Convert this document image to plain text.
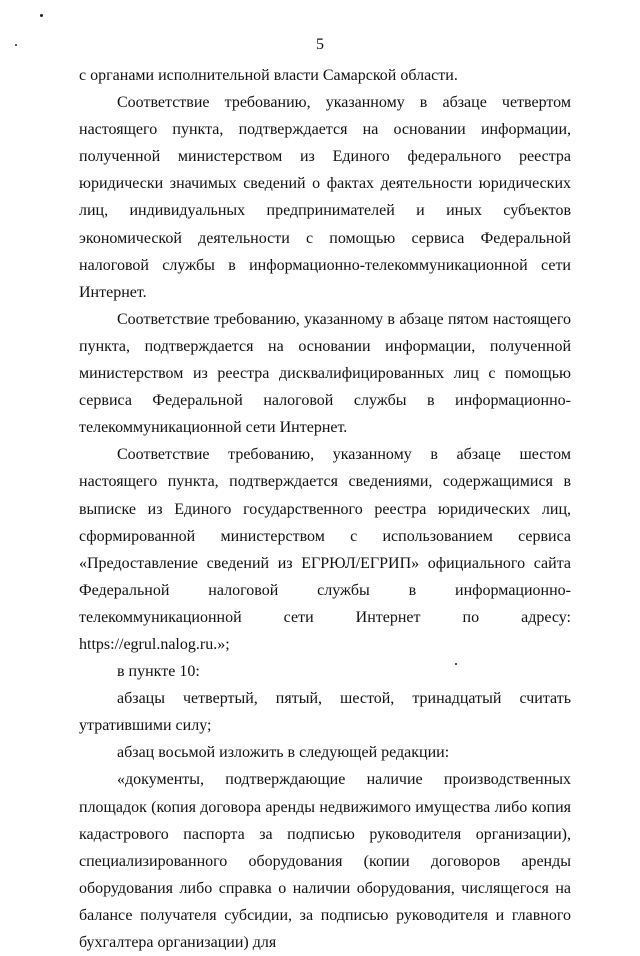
5

с органами исполнительной власти Самарской области.

Соответствие требованию, указанному в абзаце четвертом настоящего пункта, подтверждается на основании информации, полученной министерством из Единого федерального реестра юридически значимых сведений о фактах деятельности юридических лиц, индивидуальных предпринимателей и иных субъектов экономической деятельности с помощью сервиса Федеральной налоговой службы в информационно-телекоммуникационной сети Интернет.

Соответствие требованию, указанному в абзаце пятом настоящего пункта, подтверждается на основании информации, полученной министерством из реестра дисквалифицированных лиц с помощью сервиса Федеральной налоговой службы в информационно-телекоммуникационной сети Интернет.

Соответствие требованию, указанному в абзаце шестом настоящего пункта, подтверждается сведениями, содержащимися в выписке из Единого государственного реестра юридических лиц, сформированной министерством с использованием сервиса «Предоставление сведений из ЕГРЮЛ/ЕГРИП» официального сайта Федеральной налоговой службы в информационно-телекоммуникационной сети Интернет по адресу: https://egrul.nalog.ru.»;

в пункте 10:

абзацы четвертый, пятый, шестой, тринадцатый считать утратившими силу;

абзац восьмой изложить в следующей редакции:

«документы, подтверждающие наличие производственных площадок (копия договора аренды недвижимого имущества либо копия кадастрового паспорта за подписью руководителя организации), специализированного оборудования (копии договоров аренды оборудования либо справка о наличии оборудования, числящегося на балансе получателя субсидии, за подписью руководителя и главного бухгалтера организации) для
